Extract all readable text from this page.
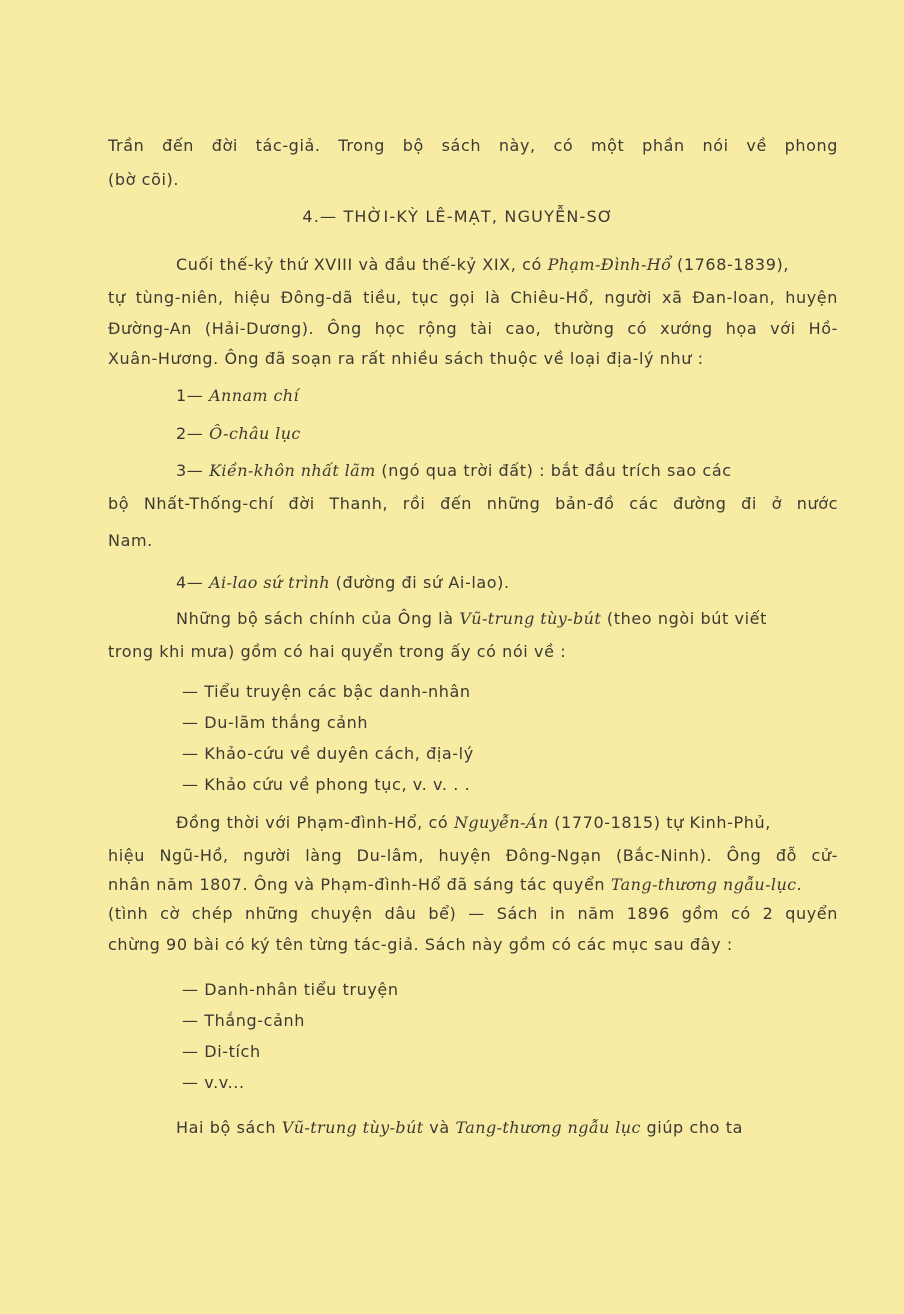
Trần đến đời tác-giả. Trong bộ sách này, có một phần nói về phong
(bờ cõi).
4.— THỜI-KỲ LÊ-MẠT, NGUYỄN-SƠ
Cuối thế-kỷ thứ XVIII và đầu thế-kỷ XIX, có Phạm-Đình-Hổ (1768-1839),
tự tùng-niên, hiệu Đông-dã tiều, tục gọi là Chiêu-Hổ, người xã Đan-loan, huyện
Đường-An (Hải-Dương). Ông học rộng tài cao, thường có xướng họa với Hồ-
Xuân-Hương. Ông đã soạn ra rất nhiều sách thuộc về loại địa-lý như :
1— Annam chí
2— Ô-châu lục
3— Kiền-khôn nhất lãm (ngó qua trời đất) : bắt đầu trích sao các
bộ Nhất-Thống-chí đời Thanh, rồi đến những bản-đồ các đường đi ở nước
Nam.
4— Ai-lao sứ trình (đường đi sứ Ai-lao).
Những bộ sách chính của Ông là Vũ-trung tùy-bút (theo ngòi bút viết
trong khi mưa) gồm có hai quyển trong ấy có nói về :
— Tiểu truyện các bậc danh-nhân
— Du-lãm thắng cảnh
— Khảo-cứu về duyên cách, địa-lý
— Khảo cứu về phong tục, v. v. . .
Đồng thời với Phạm-đình-Hổ, có Nguyễn-Án (1770-1815) tự Kinh-Phủ,
hiệu Ngũ-Hồ, người làng Du-lâm, huyện Đông-Ngạn (Bắc-Ninh). Ông đỗ cử-
nhân năm 1807. Ông và Phạm-đình-Hổ đã sáng tác quyển Tang-thương ngẫu-lục.
(tình cờ chép những chuyện dâu bể) — Sách in năm 1896 gồm có 2 quyển
chừng 90 bài có ký tên từng tác-giả. Sách này gồm có các mục sau đây :
— Danh-nhân tiểu truyện
— Thắng-cảnh
— Di-tích
— v.v...
Hai bộ sách Vũ-trung tùy-bút và Tang-thương ngẫu lục giúp cho ta
